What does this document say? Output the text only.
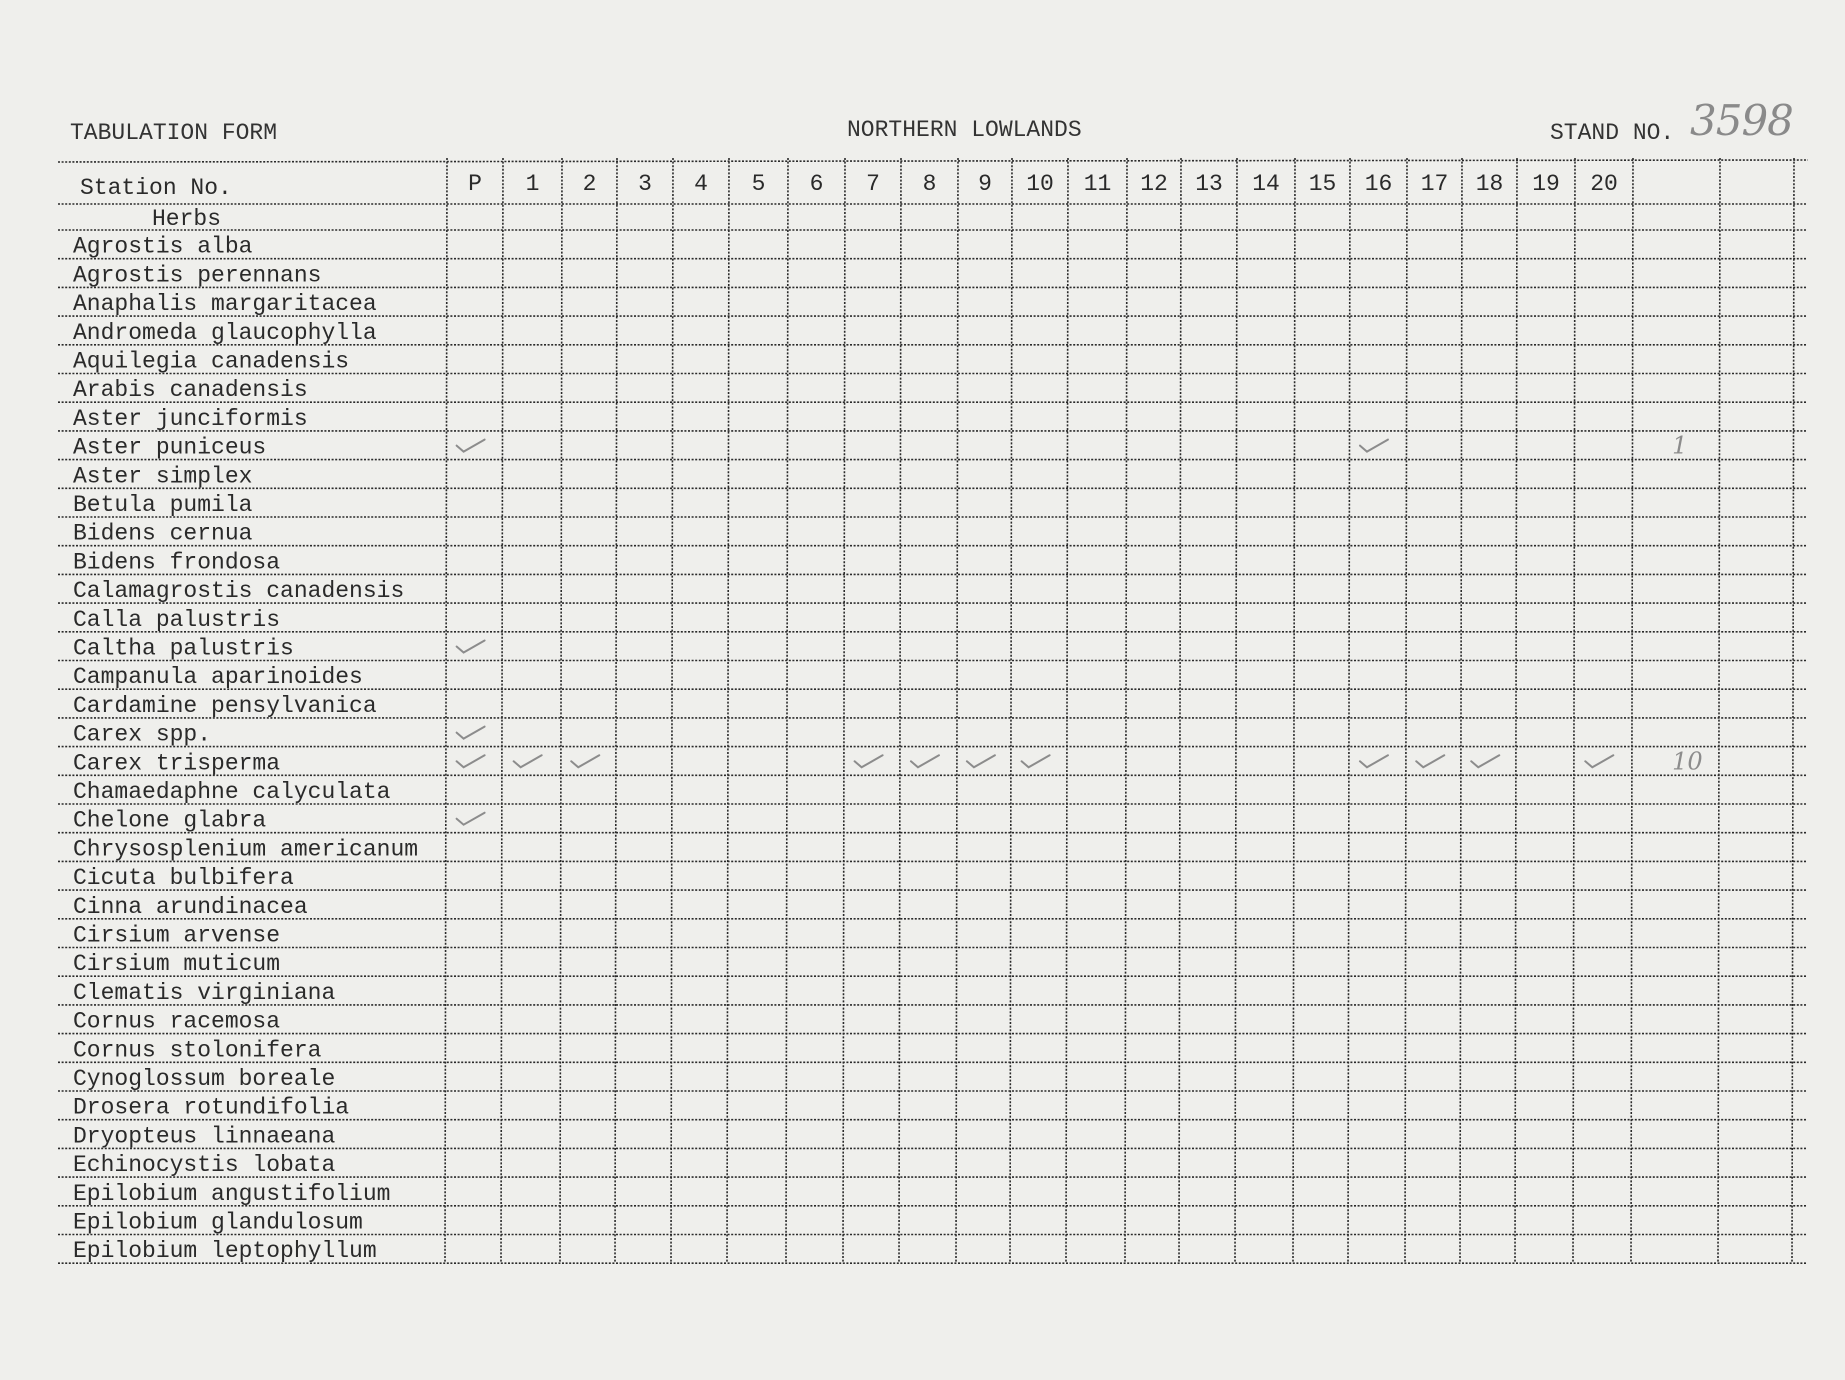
TABULATION FORM	NORTHERN LOWLANDS	STAND NO. 3598
Station No.
Herbs
P 1 2 3 4 5 6 7 8 9 10 11 12 13 14 15 16 17 18 19 20
Agrostis alba
Agrostis perennans
Anaphalis margaritacea
Andromeda glaucophylla
Aquilegia canadensis
Arabis canadensis
Aster junciformis
Aster puniceus
Aster simplex
Betula pumila
Bidens cernua
Bidens frondosa
Calamagrostis canadensis
Calla palustris
Caltha palustris
Campanula aparinoides
Cardamine pensylvanica
Carex spp.
Carex trisperma
Chamaedaphne calyculata
Chelone glabra
Chrysosplenium americanum
Cicuta bulbifera
Cinna arundinacea
Cirsium arvense
Cirsium muticum
Clematis virginiana
Cornus racemosa
Cornus stolonifera
Cynoglossum boreale
Drosera rotundifolia
Dryopteus linnaeana
Echinocystis lobata
Epilobium angustifolium
Epilobium glandulosum
Epilobium leptophyllum
1
10
